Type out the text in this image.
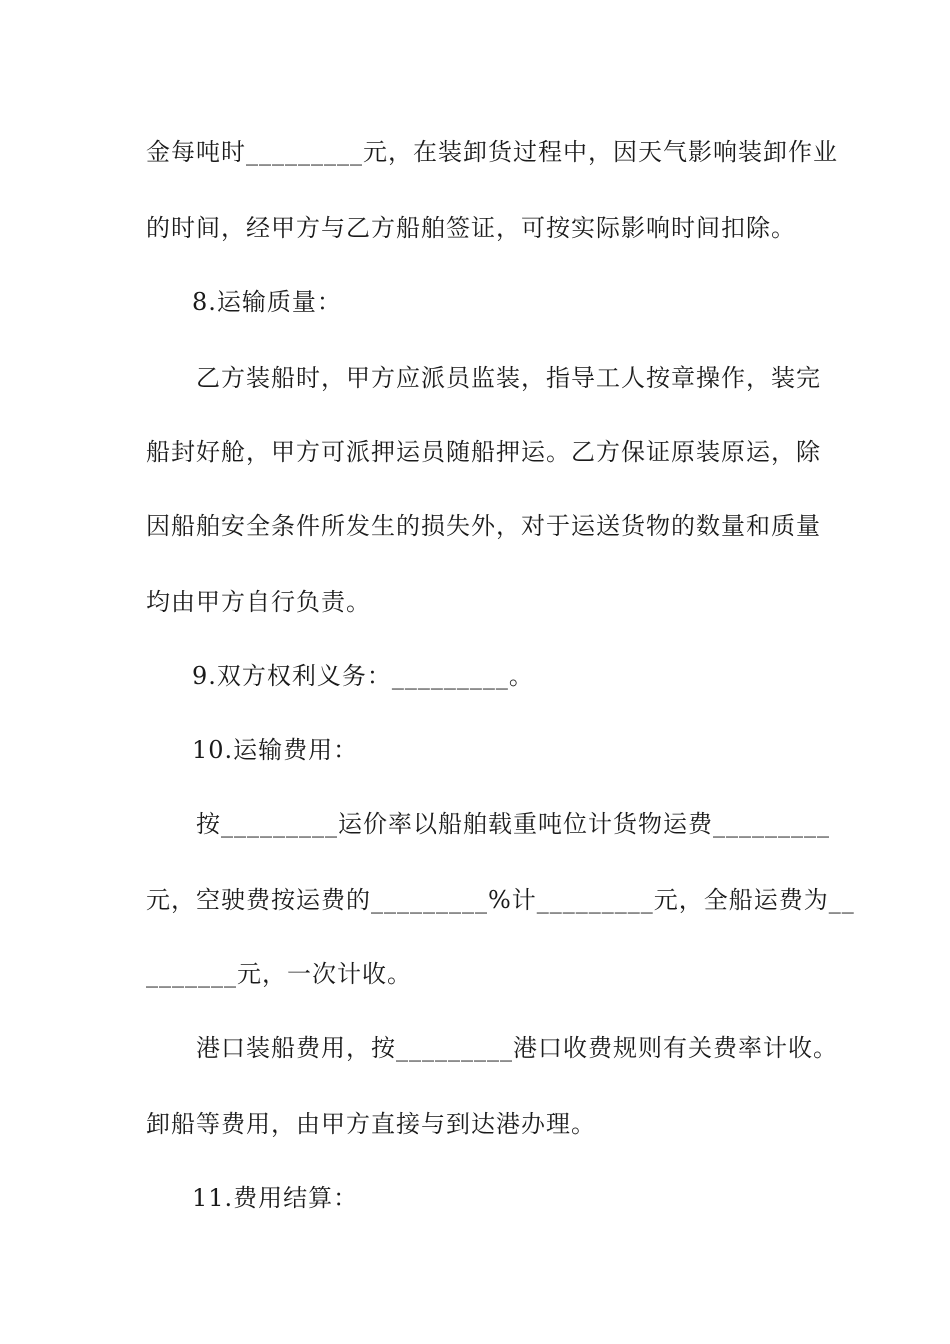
金每吨时_________元，在装卸货过程中，因天气影响装卸作业
的时间，经甲方与乙方船舶签证，可按实际影响时间扣除。
8.运输质量：
乙方装船时，甲方应派员监装，指导工人按章操作，装完
船封好舱，甲方可派押运员随船押运。乙方保证原装原运，除
因船舶安全条件所发生的损失外，对于运送货物的数量和质量
均由甲方自行负责。
9.双方权利义务：_________。
10.运输费用：
按_________运价率以船舶载重吨位计货物运费_________
元，空驶费按运费的_________%计_________元，全船运费为__
_______元，一次计收。
港口装船费用，按_________港口收费规则有关费率计收。
卸船等费用，由甲方直接与到达港办理。
11.费用结算：
